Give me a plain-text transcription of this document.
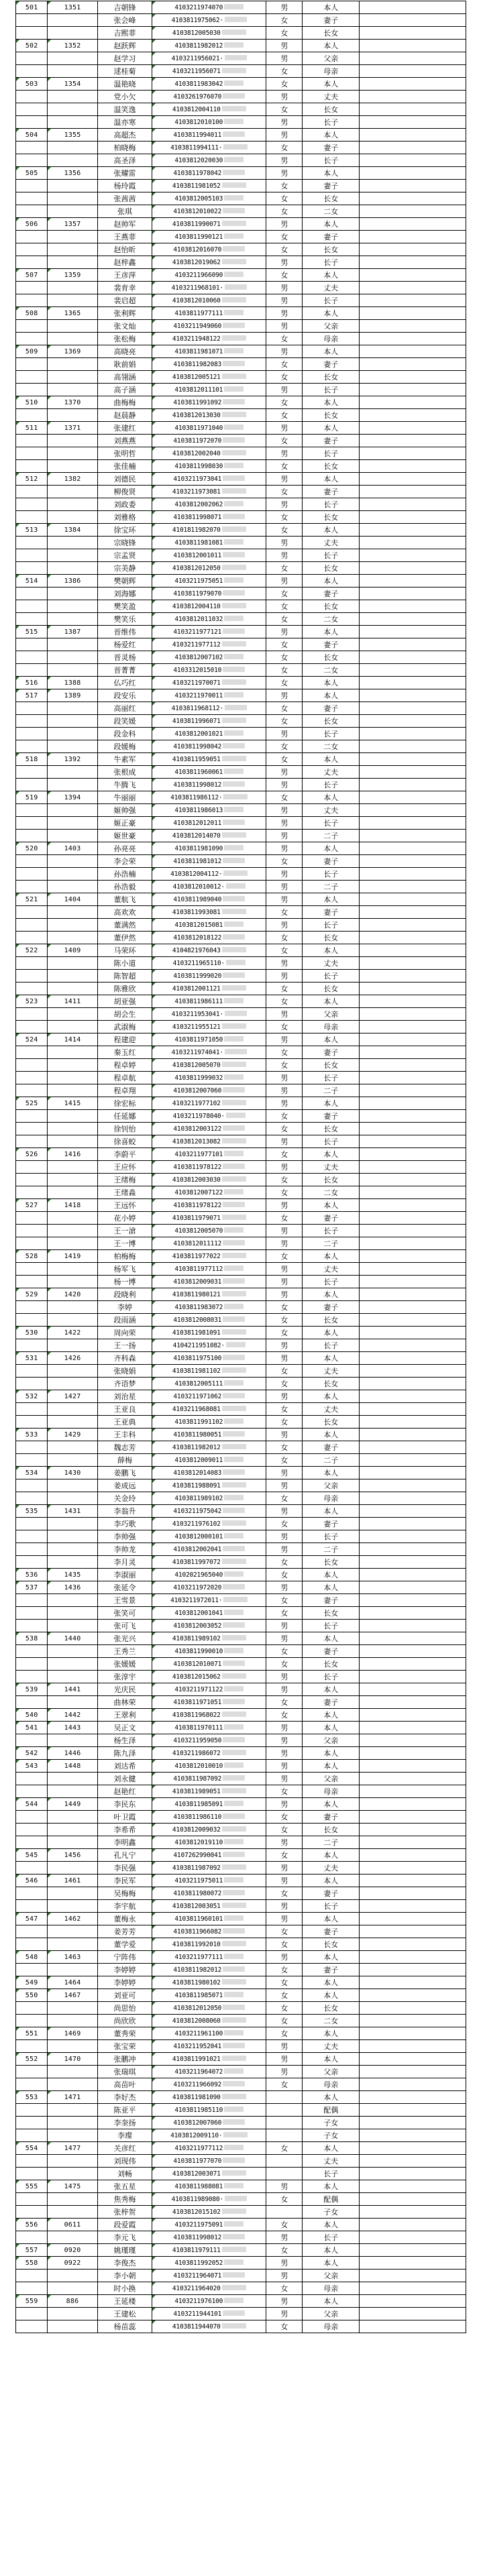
501	1351	吉朝锋	4103211974070	男	本人	
		张会峰	4103811975062·	女	妻子	
		吉熙菲	4103812005030	女	长女	

502	1352	赵跃辉	4103811982012	男	本人	
		赵学习	4103211956021·	男	父亲	
		逑桂菊	4103211956071	女	母亲	

503	1354	温艳晓	4103811983042	女	本人	
		党小欠	4103261976070	男	丈夫	
		温笑逸	4103812004110	女	长女	
		温亦寒	4103812010100	男	长子	

504	1355	高超杰	4103811994011	男	本人	
		柏晓梅	4103811994111·	女	妻子	
		高圣泽	4103812020030	男	长子	

505	1356	张耀雷	4103811978042	男	本人	
		杨玲霞	4103811981052	女	妻子	
		张茜茜	4103812005103	女	长女	
		张琪	4103812010022	女	二女	

506	1357	赵帅军	4103811990071	男	本人	
		王燕菲	4103811990121	女	妻子	
		赵怡昕	4103812016070	女	长女	
		赵梓鑫	4103812019062	男	长子	

507	1359	王彦萍	4103211966090	女	本人	
		裴育幸	4103211968101·	男	丈夫	
		裴启超	4103812010060	男	长子	

508	1365	张利辉	4103811977111	男	本人	
		张文灿	4103211949060	男	父亲	
		张松梅	4103211948122	女	母亲	

509	1369	高晓亮	4103811981071	男	本人	
		耿前娟	4103811982083	女	妻子	
		高翎涵	4103812005121	女	长女	
		高子涵	4103812011101	男	长子	

510	1370	曲梅梅	4103811991092	女	本人	
		赵晨静	4103812013030	女	长女	

511	1371	张建红	4103811971040	男	本人	
		刘燕燕	4103811972070	女	妻子	
		张明哲	4103812002040	男	长子	
		张佳楠	4103811998030	女	长女	

512	1382	刘德民	4103211973041	男	本人	
		柳俊贤	4103211973081	女	妻子	
		刘政委	4103812002062	男	长子	
		刘雅格	4103811998071	女	长女	

513	1384	徐宝环	4101811982070	女	本人	
		宗晓锋	4103811981081	男	丈夫	
		宗孟贤	4103812001011	男	长子	
		宗美静	4103812012050	女	长女	

514	1386	樊朝辉	4103211975051	男	本人	
		刘海娜	4103811979070	女	妻子	
		樊笑盈	4103812004110	女	长女	
		樊笑乐	4103812011032	女	二女	

515	1387	晋维伟	4103211977121	男	本人	
		杨爱红	4103211977112	女	妻子	
		晋灵杨	4103812007102	女	长女	
		晋菁菁	4103312015010	女	二女	

516	1388	仏巧红	4103211970071	女	本人	

517	1389	段安乐	4103211970011	男	本人	
		高丽红	4103811968112·	女	妻子	
		段笑媛	4103811996071	女	长女	
		段金科	4103812001021	男	长子	
		段媛梅	4103811998042	女	二女	

518	1392	牛素军	4103811959051	女	本人	
		张根成	4103811960061	男	丈夫	
		牛腾飞	4103811998012	男	长子	

519	1394	牛丽丽	4103811986112·	女	本人	
		姬帅强	4103811986013	男	丈夫	
		姬正豪	4103812012011	男	长子	
		姬世豪	4103812014070	男	二子	

520	1403	孙亮亮	4103811981090	男	本人	
		李会荣	4103811981012	女	妻子	
		孙浩楠	4103812004112·	男	长子	
		孙浩毅	4103812010012·	男	二子	

521	1404	董航飞	4103811989040	男	本人	
		高欢欢	4103811993081	女	妻子	
		董满然	4103812015081	男	长子	
		董伊然	4103812018122	女	长女	

522	1409	马荣环	4104821976043	女	本人	
		陈小道	4103211965110·	男	丈夫	
		陈智超	4103811999020	男	长子	
		陈雅欣	4103812001121	女	长女	

523	1411	胡亚强	4103811986111	女	本人	
		胡会生	4103211953041·	男	父亲	
		武淑梅	4103211955121	女	母亲	

524	1414	程建迎	4103811971050	男	本人	
		秦玉红	4103211974041·	女	妻子	
		程卓婷	4103812005070	女	长女	
		程卓航	4103811999032	男	长子	
		程卓翔	4103812007060	男	二子	

525	1415	徐宏标	4103211977102	男	本人	
		任延娜	4103211978040·	女	妻子	
		徐钊怡	4103812003122	女	长女	
		徐喜蛟	4103812013082	男	长子	

526	1416	李蔚平	4103211977101	女	本人	
		王应怀	4103811978122	男	丈夫	
		王绪梅	4103812003030	女	长女	
		王绪淼	4103812007122	女	二女	

527	1418	王远怀	4103811978122	男	本人	
		花小婷	4103811979071	女	妻子	
		王一滄	4103812005070	男	长子	
		王一博	4103812011112	男	二子	

528	1419	柏梅梅	4103811977022	女	本人	
		杨军飞	4103811977112	男	丈夫	
		杨一博	4103812009031	男	长子	

529	1420	段晓利	4103811980121	男	本人	
		李婷	4103811983072	女	妻子	
		段雨涵	4103812008031	女	长女	

530	1422	周向荣	4103811981091	女	本人	
		王一扬	4104211951082·	男	长子	

531	1426	齐科森	4103811975100	男	本人	
		张晓娟	4103811981102	女	丈夫	
		齐语梦	4103812005111	女	长女	

532	1427	刘治星	4103211971062	男	本人	
		王亚良	4103211968081	女	丈夫	
		王亚典	4103811991102	女	长女	

533	1429	王丰科	4103811980051	男	本人	
		魏志芳	4103811982012	女	妻子	
		薛梅	4103812009011	女	二子	

534	1430	姜鹏飞	4103812014083	男	本人	
		姜成远	4103811988091	男	父亲	
		关金玲	4103811989102	女	母亲	

535	1431	李翁升	4103211975042	男	本人	
		李巧歌	4103211976102	女	妻子	
		李帅强	4103812000101	男	长子	
		李帅龙	4103812002041	男	二子	
		李月灵	4103811997072	女	长女	

536	1435	李淑丽	4102021965040	女	本人	

537	1436	张延令	4103211972020	男	本人	
		王雪景	4103211972011·	女	妻子	
		张笑可	4103812001041	女	长女	
		张可飞	4103812003052	男	长子	

538	1440	张光兴	4103811989102	男	本人	
		王秀兰	4103811990010	女	妻子	
		张媛媛	4103812010071	女	长女	
		张淳宇	4103812015062	男	长子	

539	1441	光庆民	4103211971122	男	本人	
		曲林荣	4103811971051	女	妻子	

540	1442	王翠利	4103811968022	女	本人	

541	1443	吴正文	4103811970111	男	本人	
		杨生泽	4103211959050	男	父亲	

542	1446	陈九泽	4103211986072	男	本人	

543	1448	刘达希	4103812010010	男	本人	
		刘永健	4103811987092	男	父亲	
		赵艳红	4103811989051	女	母亲	

544	1449	李民东	4103811985091	男	本人	
		叶卫霞	4103811986110	女	妻子	
		李希希	4103812009032	女	长女	
		李明鑫	4103812019110	男	二子	

545	1456	孔凡宁	4107262990041	女	本人	
		李民强	4103811987092	男	丈夫	

546	1461	李民军	4103211975011	男	本人	
		吴梅梅	4103811980072	女	妻子	
		李宇航	4103812003051	男	长子	

547	1462	董梅永	4103811960101	男	本人	
		姜芳芳	4103811966082	女	妻子	
		董学爱	4103811992010	女	长女	

548	1463	宁阵伟	4103211977111	男	本人	
		李婷婷	4103811982012	女	妻子	

549	1464	李婷婷	4103811980102	女	本人	

550	1467	刘亚可	4103811985071	女	本人	
		尚思怡	4103812012050	女	长女	
		尚欣欣	4103812008060	女	二女	

551	1469	董秀荣	4103211961100	女	本人	
		张宝荣	4103211952041	男	丈夫	

552	1470	张鹏冲	4103811991021	男	本人	
		张瑞琪	4103211964072	男	父亲	
		高苗叶	4103211966092	女	母亲	

553	1471	李好杰	4103811981090		本人	
		陈亚平	4103811985110		配偶	
		李奎扬	4103812007060		子女	
		李璨	4103812009110·		子女	

554	1477	关彦红	4103211977112	女	本人	
		刘现伟	4103811977070		丈夫	
		刘畅	4103812003071		长子	

555	1475	张五星	4103811988081	男	本人	
		焦秀梅	4103811989080·	女	配偶	
		张梓贺	4103812015102		子女	

556	0611	段爱霞	4103211975091	女	本人	
		李元飞	4103811998012	男	长子	

557	0920	姚瑾瑾	4103811979111	女	本人	

558	0922	李俊杰	4103811992052	男	本人	
		李小朝	4103211964071	男	父亲	
		时小换	4103211964020	女	母亲	

559	886	王延楼	4103211976100	男	本人	
		王建松	4103211944101	男	父亲	
		杨苗蕊	4103811944070	女	母亲	
